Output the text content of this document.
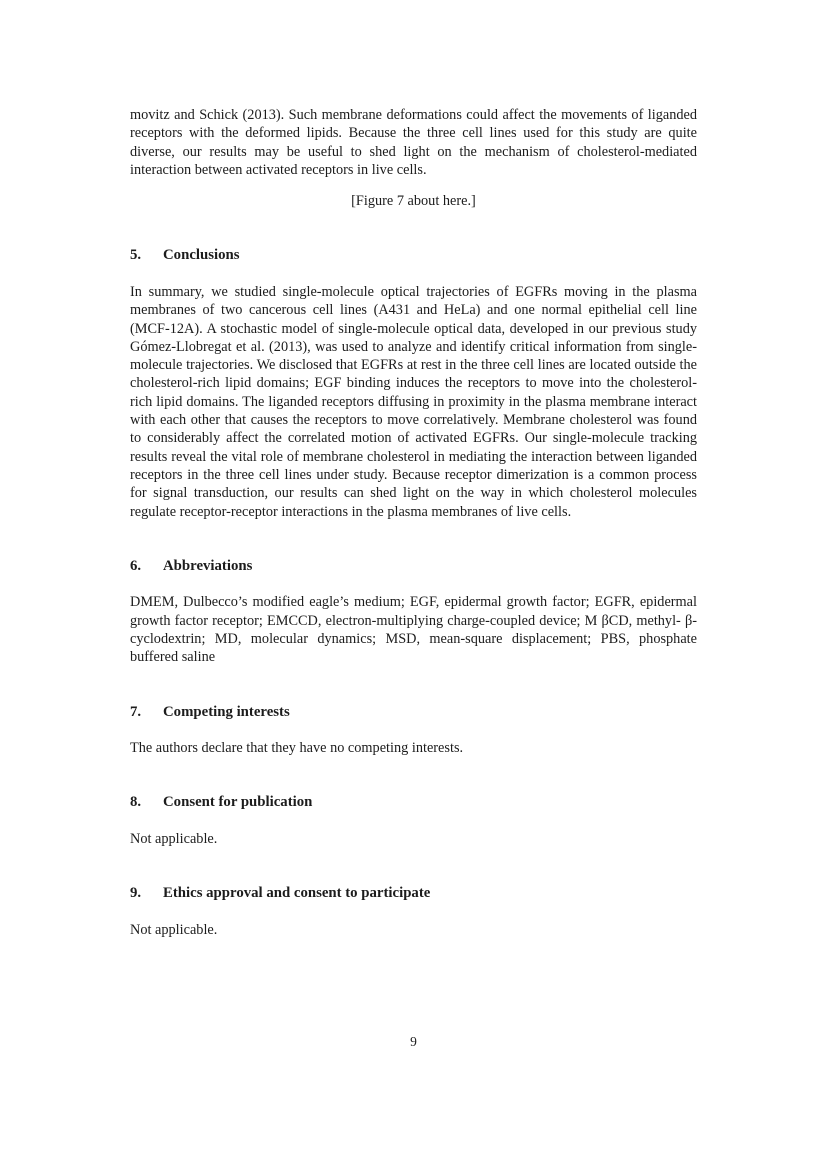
movitz and Schick (2013). Such membrane deformations could affect the movements of liganded receptors with the deformed lipids. Because the three cell lines used for this study are quite diverse, our results may be useful to shed light on the mechanism of cholesterol-mediated interaction between activated receptors in live cells.

[Figure 7 about here.]

5. Conclusions

In summary, we studied single-molecule optical trajectories of EGFRs moving in the plasma membranes of two cancerous cell lines (A431 and HeLa) and one normal epithelial cell line (MCF-12A). A stochastic model of single-molecule optical data, developed in our previous study Gómez-Llobregat et al. (2013), was used to analyze and identify critical information from single-molecule trajectories. We disclosed that EGFRs at rest in the three cell lines are located outside the cholesterol-rich lipid domains; EGF binding induces the receptors to move into the cholesterol-rich lipid domains. The liganded receptors diffusing in proximity in the plasma membrane interact with each other that causes the receptors to move correlatively. Membrane cholesterol was found to considerably affect the correlated motion of activated EGFRs. Our single-molecule tracking results reveal the vital role of membrane cholesterol in mediating the interaction between liganded receptors in the three cell lines under study. Because receptor dimerization is a common process for signal transduction, our results can shed light on the way in which cholesterol molecules regulate receptor-receptor interactions in the plasma membranes of live cells.

6. Abbreviations

DMEM, Dulbecco’s modified eagle’s medium; EGF, epidermal growth factor; EGFR, epidermal growth factor receptor; EMCCD, electron-multiplying charge-coupled device; M βCD, methyl- β-cyclodextrin; MD, molecular dynamics; MSD, mean-square displacement; PBS, phosphate buffered saline

7. Competing interests

The authors declare that they have no competing interests.

8. Consent for publication

Not applicable.

9. Ethics approval and consent to participate

Not applicable.

9
